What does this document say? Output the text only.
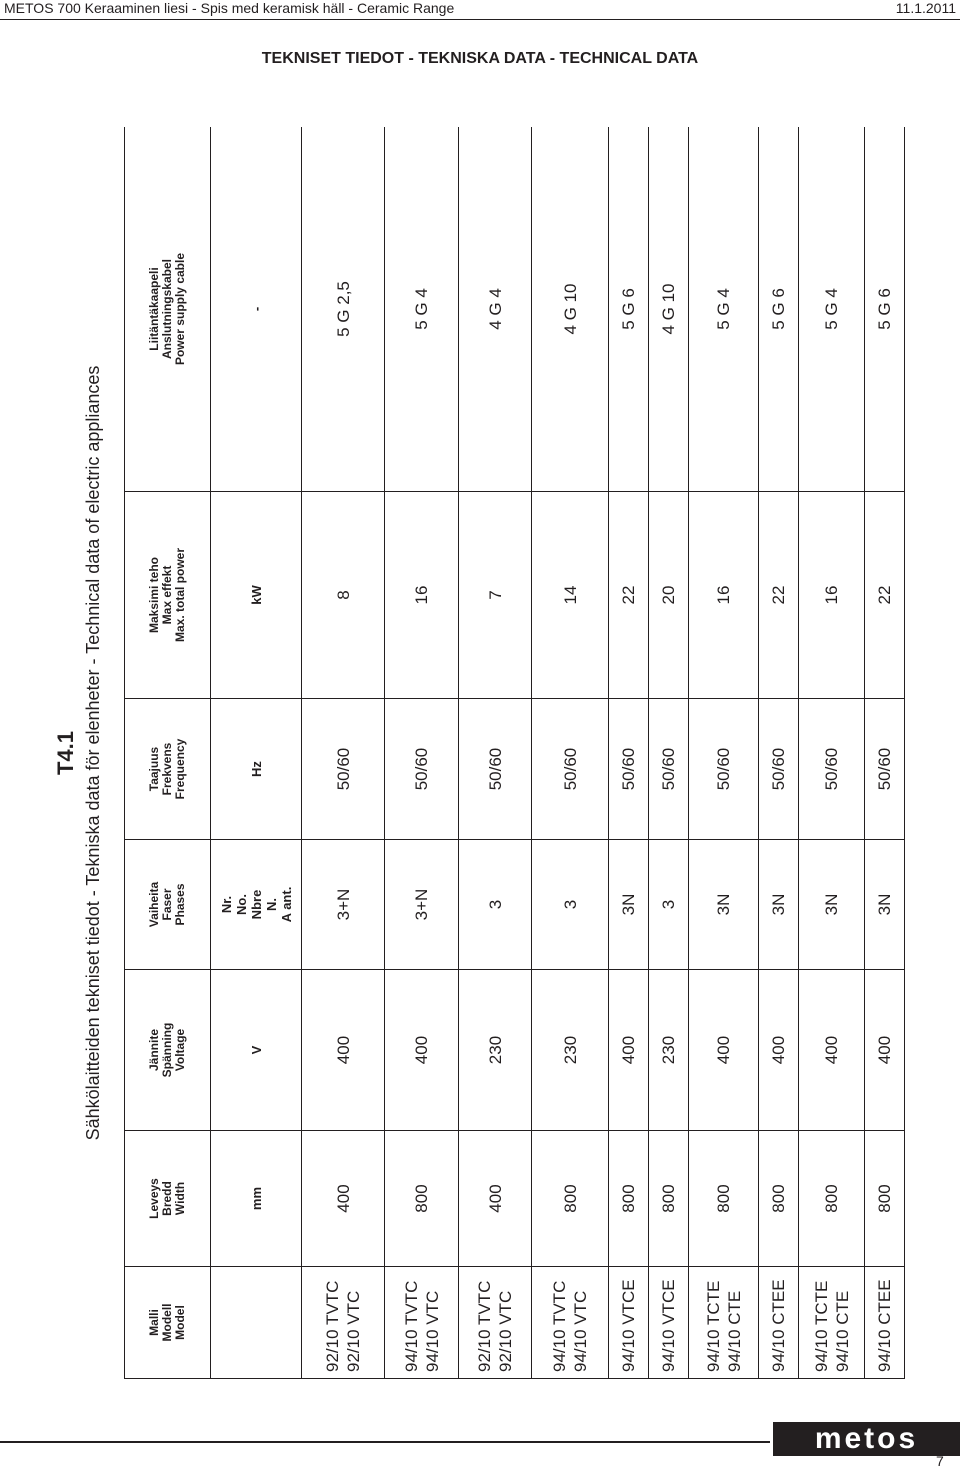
METOS 700 Keraaminen liesi - Spis med keramisk häll - Ceramic Range	11.1.2011
TEKNISET TIEDOT - TEKNISKA DATA - TECHNICAL DATA
T4.1 Sähkölaitteiden tekniset tiedot - Tekniska data för elenheter - Technical data of electric appliances
Malli Modell Model	Leveys Bredd Width	Jännite Spänning Voltage	Vaiheita Faser Phases	Taajuus Frekvens Frequency	Maksimi teho Max effekt Max. total power	Liitäntäkaapeli Anslutningskabel Power supply cable

	mm	V	Nr. No. Nbre N. A ant.	Hz	kW	-

92/10 TVTC 92/10 VTC	400	400	3+N	50/60	8	5 G 2,5

94/10 TVTC 94/10 VTC	800	400	3+N	50/60	16	5 G 4

92/10 TVTC 92/10 VTC	400	230	3	50/60	7	4 G 4

94/10 TVTC 94/10 VTC	800	230	3	50/60	14	4 G 10

94/10 VTCE	800	400	3N	50/60	22	5 G 6

94/10 VTCE	800	230	3	50/60	20	4 G 10

94/10 TCTE 94/10 CTE	800	400	3N	50/60	16	5 G 4

94/10 CTEE	800	400	3N	50/60	22	5 G 6

94/10 TCTE 94/10 CTE	800	400	3N	50/60	16	5 G 4

94/10 CTEE	800	400	3N	50/60	22	5 G 6
metos
7
